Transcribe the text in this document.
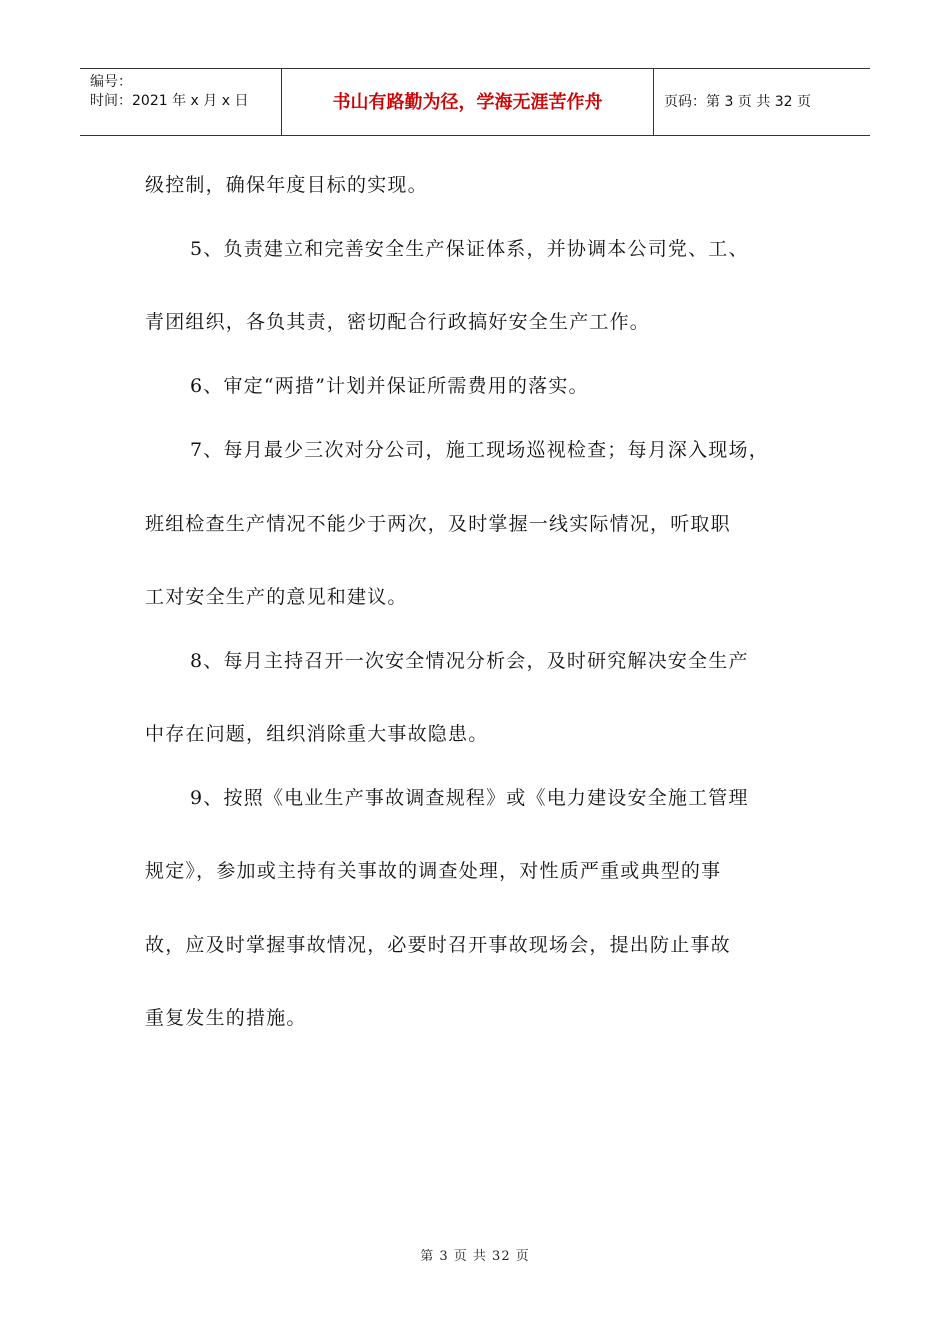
编号：
时间：2021 年 x 月 x 日	书山有路勤为径，学海无涯苦作舟	页码：第 3 页 共 32 页
级控制，确保年度目标的实现。
5、负责建立和完善安全生产保证体系，并协调本公司党、工、
青团组织，各负其责，密切配合行政搞好安全生产工作。
6、审定“两措”计划并保证所需费用的落实。
7、每月最少三次对分公司，施工现场巡视检查；每月深入现场，
班组检查生产情况不能少于两次，及时掌握一线实际情况，听取职
工对安全生产的意见和建议。
8、每月主持召开一次安全情况分析会，及时研究解决安全生产
中存在问题，组织消除重大事故隐患。
9、按照《电业生产事故调查规程》或《电力建设安全施工管理
规定》，参加或主持有关事故的调查处理，对性质严重或典型的事
故，应及时掌握事故情况，必要时召开事故现场会，提出防止事故
重复发生的措施。
第 3 页 共 32 页
